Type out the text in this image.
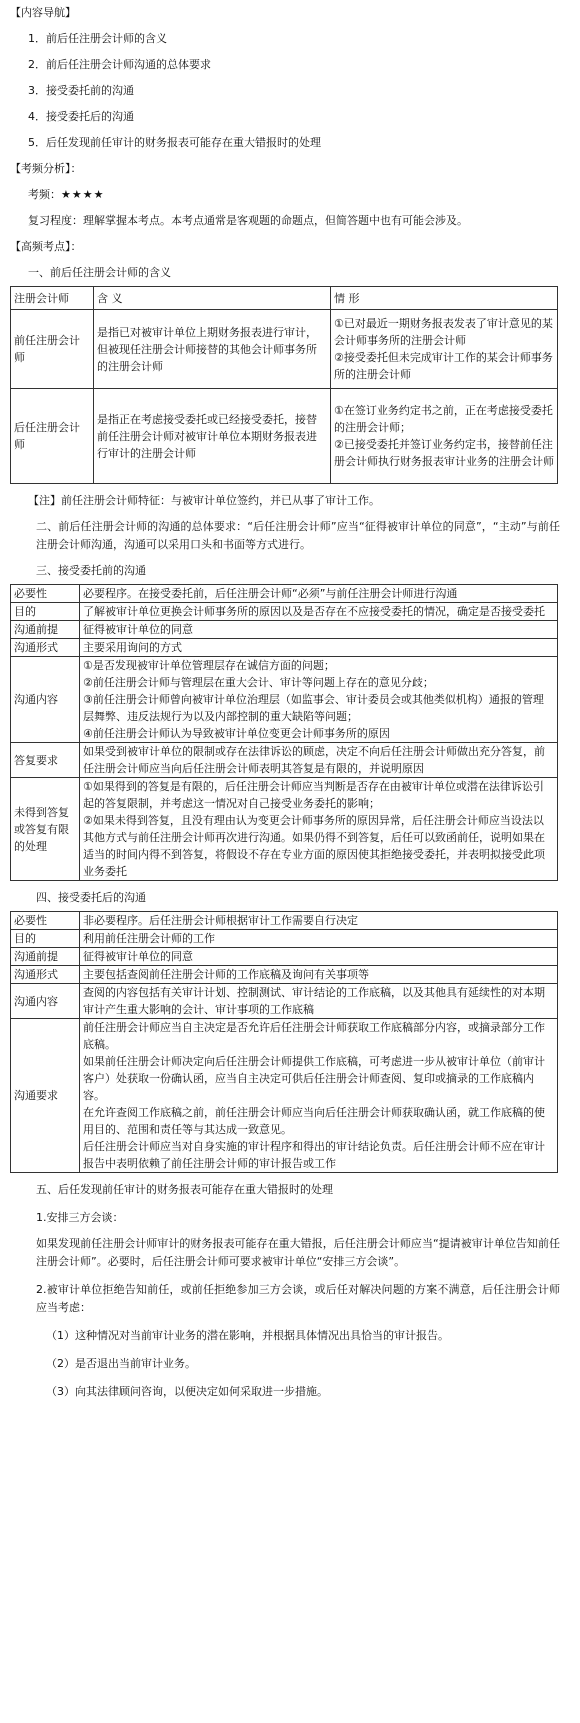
【内容导航】

1．前后任注册会计师的含义

2．前后任注册会计师沟通的总体要求

3．接受委托前的沟通

4．接受委托后的沟通

5．后任发现前任审计的财务报表可能存在重大错报时的处理

【考频分析】：

考频：★★★★

复习程度：理解掌握本考点。本考点通常是客观题的命题点，但简答题中也有可能会涉及。

【高频考点】：

一、前后任注册会计师的含义

注册会计师	含 义	情 形
前任注册会计师	是指已对被审计单位上期财务报表进行审计，但被现任注册会计师接替的其他会计师事务所的注册会计师	①已对最近一期财务报表发表了审计意见的某会计师事务所的注册会计师
②接受委托但未完成审计工作的某会计师事务所的注册会计师

后任注册会计师	是指正在考虑接受委托或已经接受委托，接替前任注册会计师对被审计单位本期财务报表进行审计的注册会计师	①在签订业务约定书之前，正在考虑接受委托的注册会计师；
②已接受委托并签订业务约定书，接替前任注册会计师执行财务报表审计业务的注册会计师

【注】前任注册会计师特征：与被审计单位签约，并已从事了审计工作。

二、前后任注册会计师的沟通的总体要求：“后任注册会计师”应当“征得被审计单位的同意”，“主动”与前任注册会计师沟通，沟通可以采用口头和书面等方式进行。

三、接受委托前的沟通

必要性	必要程序。在接受委托前，后任注册会计师“必须”与前任注册会计师进行沟通

目的	了解被审计单位更换会计师事务所的原因以及是否存在不应接受委托的情况，确定是否接受委托

沟通前提	征得被审计单位的同意

沟通形式	主要采用询问的方式

沟通内容	①是否发现被审计单位管理层存在诚信方面的问题；
②前任注册会计师与管理层在重大会计、审计等问题上存在的意见分歧；
③前任注册会计师曾向被审计单位治理层（如监事会、审计委员会或其他类似机构）通报的管理层舞弊、违反法规行为以及内部控制的重大缺陷等问题；
④前任注册会计师认为导致被审计单位变更会计师事务所的原因

答复要求	如果受到被审计单位的限制或存在法律诉讼的顾虑，决定不向后任注册会计师做出充分答复，前任注册会计师应当向后任注册会计师表明其答复是有限的，并说明原因

未得到答复或答复有限的处理	①如果得到的答复是有限的，后任注册会计师应当判断是否存在由被审计单位或潜在法律诉讼引起的答复限制，并考虑这一情况对自己接受业务委托的影响；
②如果未得到答复，且没有理由认为变更会计师事务所的原因异常，后任注册会计师应当设法以其他方式与前任注册会计师再次进行沟通。如果仍得不到答复，后任可以致函前任，说明如果在适当的时间内得不到答复，将假设不存在专业方面的原因使其拒绝接受委托，并表明拟接受此项业务委托

四、接受委托后的沟通

必要性	非必要程序。后任注册会计师根据审计工作需要自行决定

目的	利用前任注册会计师的工作

沟通前提	征得被审计单位的同意

沟通形式	主要包括查阅前任注册会计师的工作底稿及询问有关事项等

沟通内容	查阅的内容包括有关审计计划、控制测试、审计结论的工作底稿，以及其他具有延续性的对本期审计产生重大影响的会计、审计事项的工作底稿

沟通要求	前任注册会计师应当自主决定是否允许后任注册会计师获取工作底稿部分内容，或摘录部分工作底稿。
如果前任注册会计师决定向后任注册会计师提供工作底稿，可考虑进一步从被审计单位（前审计客户）处获取一份确认函，应当自主决定可供后任注册会计师查阅、复印或摘录的工作底稿内容。
在允许查阅工作底稿之前，前任注册会计师应当向后任注册会计师获取确认函，就工作底稿的使用目的、范围和责任等与其达成一致意见。
后任注册会计师应当对自身实施的审计程序和得出的审计结论负责。后任注册会计师不应在审计报告中表明依赖了前任注册会计师的审计报告或工作

五、后任发现前任审计的财务报表可能存在重大错报时的处理

1.安排三方会谈：

如果发现前任注册会计师审计的财务报表可能存在重大错报，后任注册会计师应当“提请被审计单位告知前任注册会计师”。必要时，后任注册会计师可要求被审计单位“安排三方会谈”。

2.被审计单位拒绝告知前任，或前任拒绝参加三方会谈，或后任对解决问题的方案不满意，后任注册会计师应当考虑：

（1）这种情况对当前审计业务的潜在影响，并根据具体情况出具恰当的审计报告。

（2）是否退出当前审计业务。

（3）向其法律顾问咨询，以便决定如何采取进一步措施。
